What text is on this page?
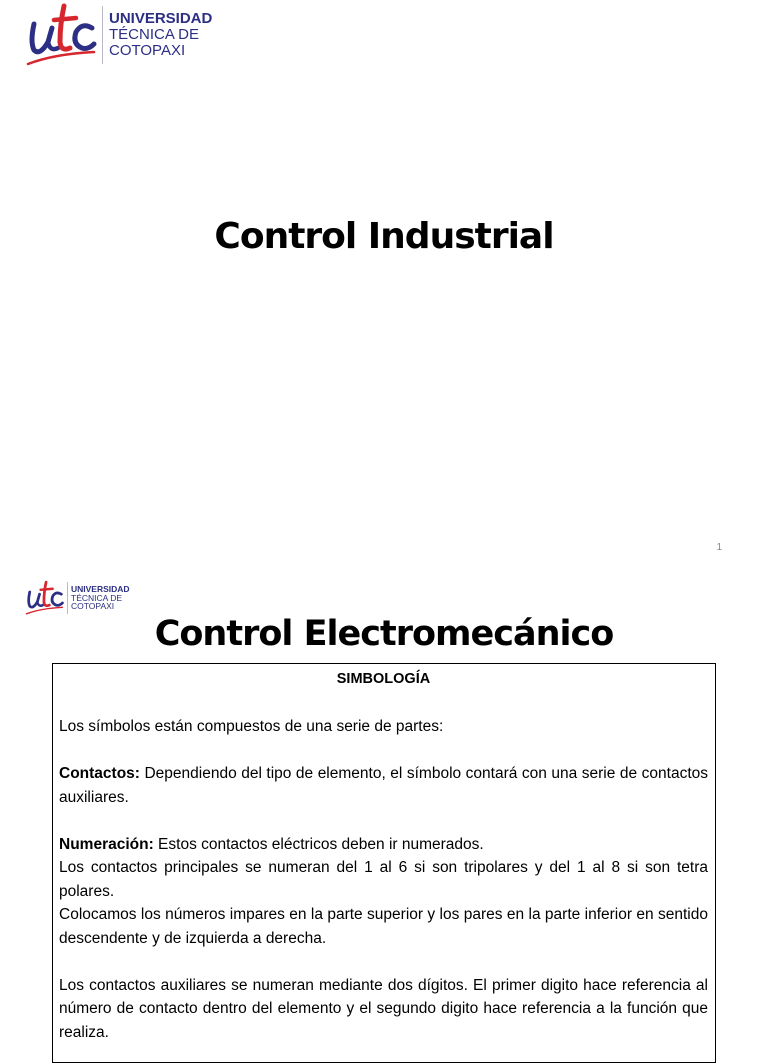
UNIVERSIDAD
TÉCNICA DE
COTOPAXI
Control Industrial
1
UNIVERSIDAD
TÉCNICA DE
COTOPAXI
Control Electromecánico
SIMBOLOGÍA

Los símbolos están compuestos de una serie de partes:

Contactos: Dependiendo del tipo de elemento, el símbolo contará con una serie de contactos auxiliares.

Numeración: Estos contactos eléctricos deben ir numerados.

Los contactos principales se numeran del 1 al 6 si son tripolares y del 1 al 8 si son tetra polares.

Colocamos los números impares en la parte superior y los pares en la parte inferior en sentido descendente y de izquierda a derecha.

Los contactos auxiliares se numeran mediante dos dígitos. El primer digito hace referencia al número de contacto dentro del elemento y el segundo digito hace referencia a la función que realiza.
